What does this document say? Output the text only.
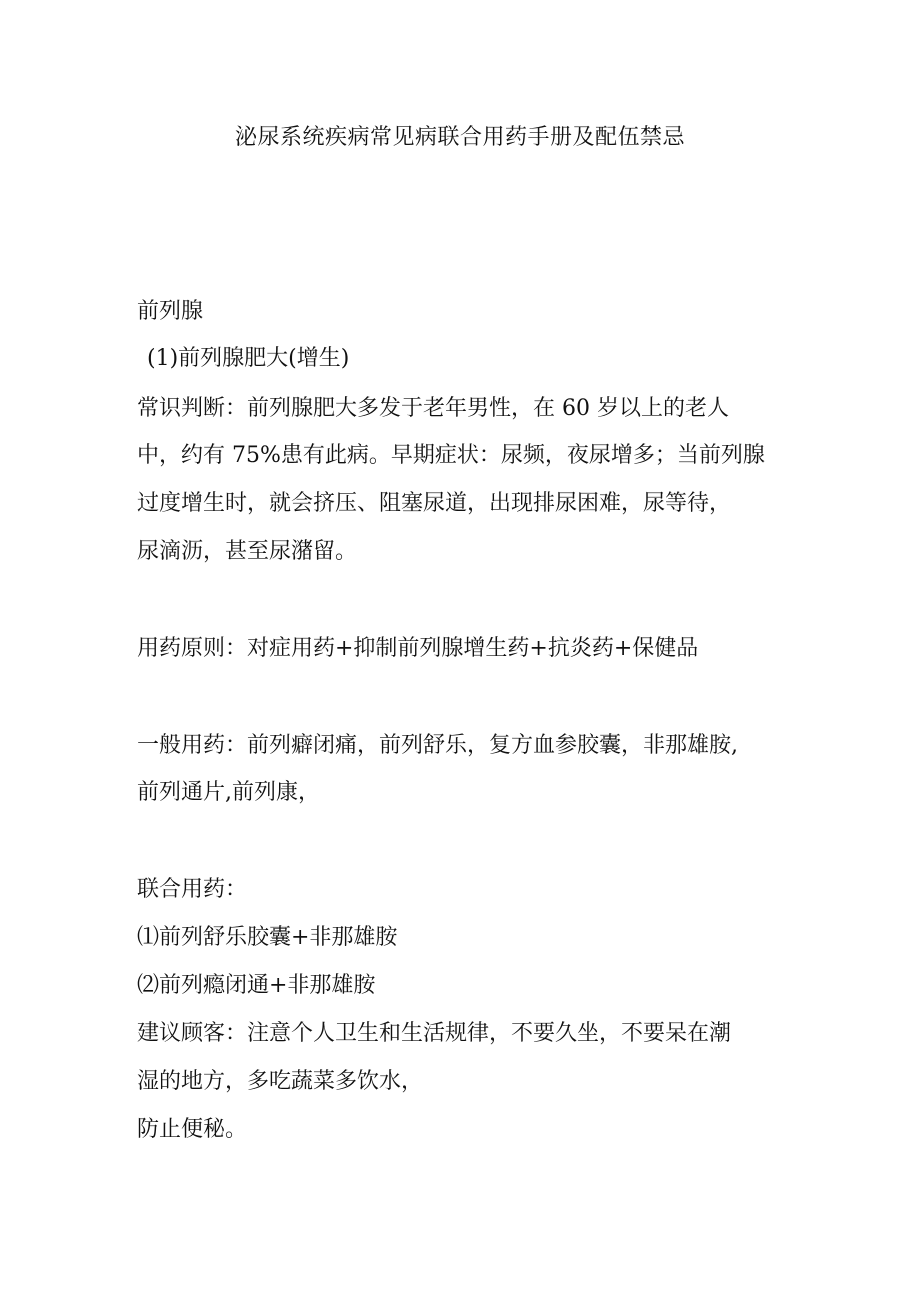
泌尿系统疾病常见病联合用药手册及配伍禁忌

前列腺

(1)前列腺肥大(增生)

常识判断：前列腺肥大多发于老年男性，在 60 岁以上的老人

中，约有 75%患有此病。早期症状：尿频，夜尿增多；当前列腺

过度增生时，就会挤压、阻塞尿道，出现排尿困难，尿等待，

尿滴沥，甚至尿潴留。

用药原则：对症用药+抑制前列腺增生药+抗炎药+保健品

一般用药：前列癖闭痛，前列舒乐，复方血参胶囊，非那雄胺,

前列通片,前列康，

联合用药：

⑴前列舒乐胶囊+非那雄胺

⑵前列瘾闭通+非那雄胺

建议顾客：注意个人卫生和生活规律，不要久坐，不要呆在潮

湿的地方，多吃蔬菜多饮水，

防止便秘。
